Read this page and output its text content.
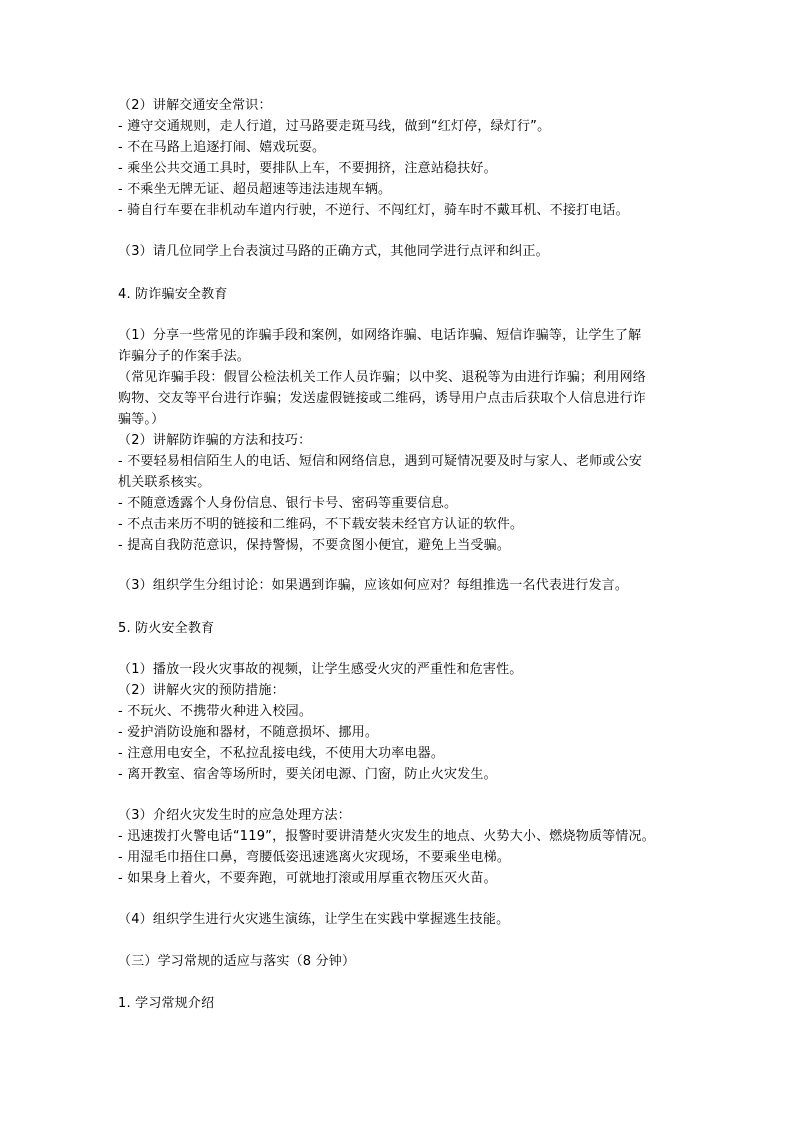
（2）讲解交通安全常识：
- 遵守交通规则，走人行道，过马路要走斑马线，做到“红灯停，绿灯行”。
- 不在马路上追逐打闹、嬉戏玩耍。
- 乘坐公共交通工具时，要排队上车，不要拥挤，注意站稳扶好。
- 不乘坐无牌无证、超员超速等违法违规车辆。
- 骑自行车要在非机动车道内行驶，不逆行、不闯红灯，骑车时不戴耳机、不接打电话。
（3）请几位同学上台表演过马路的正确方式，其他同学进行点评和纠正。
4. 防诈骗安全教育
（1）分享一些常见的诈骗手段和案例，如网络诈骗、电话诈骗、短信诈骗等，让学生了解
诈骗分子的作案手法。
（常见诈骗手段：假冒公检法机关工作人员诈骗；以中奖、退税等为由进行诈骗；利用网络
购物、交友等平台进行诈骗；发送虚假链接或二维码，诱导用户点击后获取个人信息进行诈
骗等。）
（2）讲解防诈骗的方法和技巧：
- 不要轻易相信陌生人的电话、短信和网络信息，遇到可疑情况要及时与家人、老师或公安
机关联系核实。
- 不随意透露个人身份信息、银行卡号、密码等重要信息。
- 不点击来历不明的链接和二维码，不下载安装未经官方认证的软件。
- 提高自我防范意识，保持警惕，不要贪图小便宜，避免上当受骗。
（3）组织学生分组讨论：如果遇到诈骗，应该如何应对？每组推选一名代表进行发言。
5. 防火安全教育
（1）播放一段火灾事故的视频，让学生感受火灾的严重性和危害性。
（2）讲解火灾的预防措施：
- 不玩火、不携带火种进入校园。
- 爱护消防设施和器材，不随意损坏、挪用。
- 注意用电安全，不私拉乱接电线，不使用大功率电器。
- 离开教室、宿舍等场所时，要关闭电源、门窗，防止火灾发生。
（3）介绍火灾发生时的应急处理方法：
- 迅速拨打火警电话“119”，报警时要讲清楚火灾发生的地点、火势大小、燃烧物质等情况。
- 用湿毛巾捂住口鼻，弯腰低姿迅速逃离火灾现场，不要乘坐电梯。
- 如果身上着火，不要奔跑，可就地打滚或用厚重衣物压灭火苗。
（4）组织学生进行火灾逃生演练，让学生在实践中掌握逃生技能。
（三）学习常规的适应与落实（8 分钟）
1. 学习常规介绍
